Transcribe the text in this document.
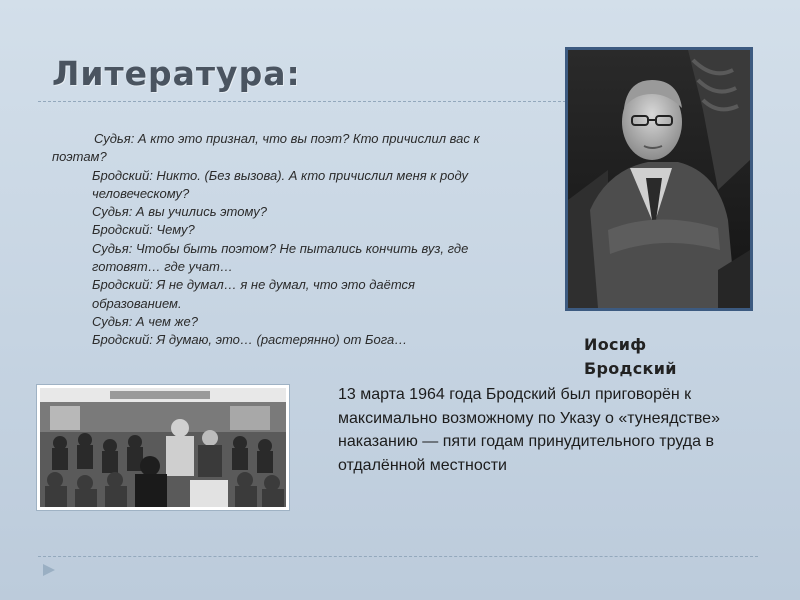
Литература:

Судья: А кто это признал, что вы поэт? Кто причислил вас к поэтам?

Бродский: Никто. (Без вызова). А кто причислил меня к роду человеческому?

Судья: А вы учились этому?

Бродский: Чему?

Судья: Чтобы быть поэтом? Не пытались кончить вуз, где готовят… где учат…

Бродский: Я не думал… я не думал, что это даётся образованием.

Судья: А чем же?

Бродский: Я думаю, это… (растерянно) от Бога…	Иосиф
Бродский

13 марта 1964 года Бродский был приговорён к максимально возможному по Указу о «тунеядстве» наказанию — пяти годам принудительного труда в отдалённой местности
